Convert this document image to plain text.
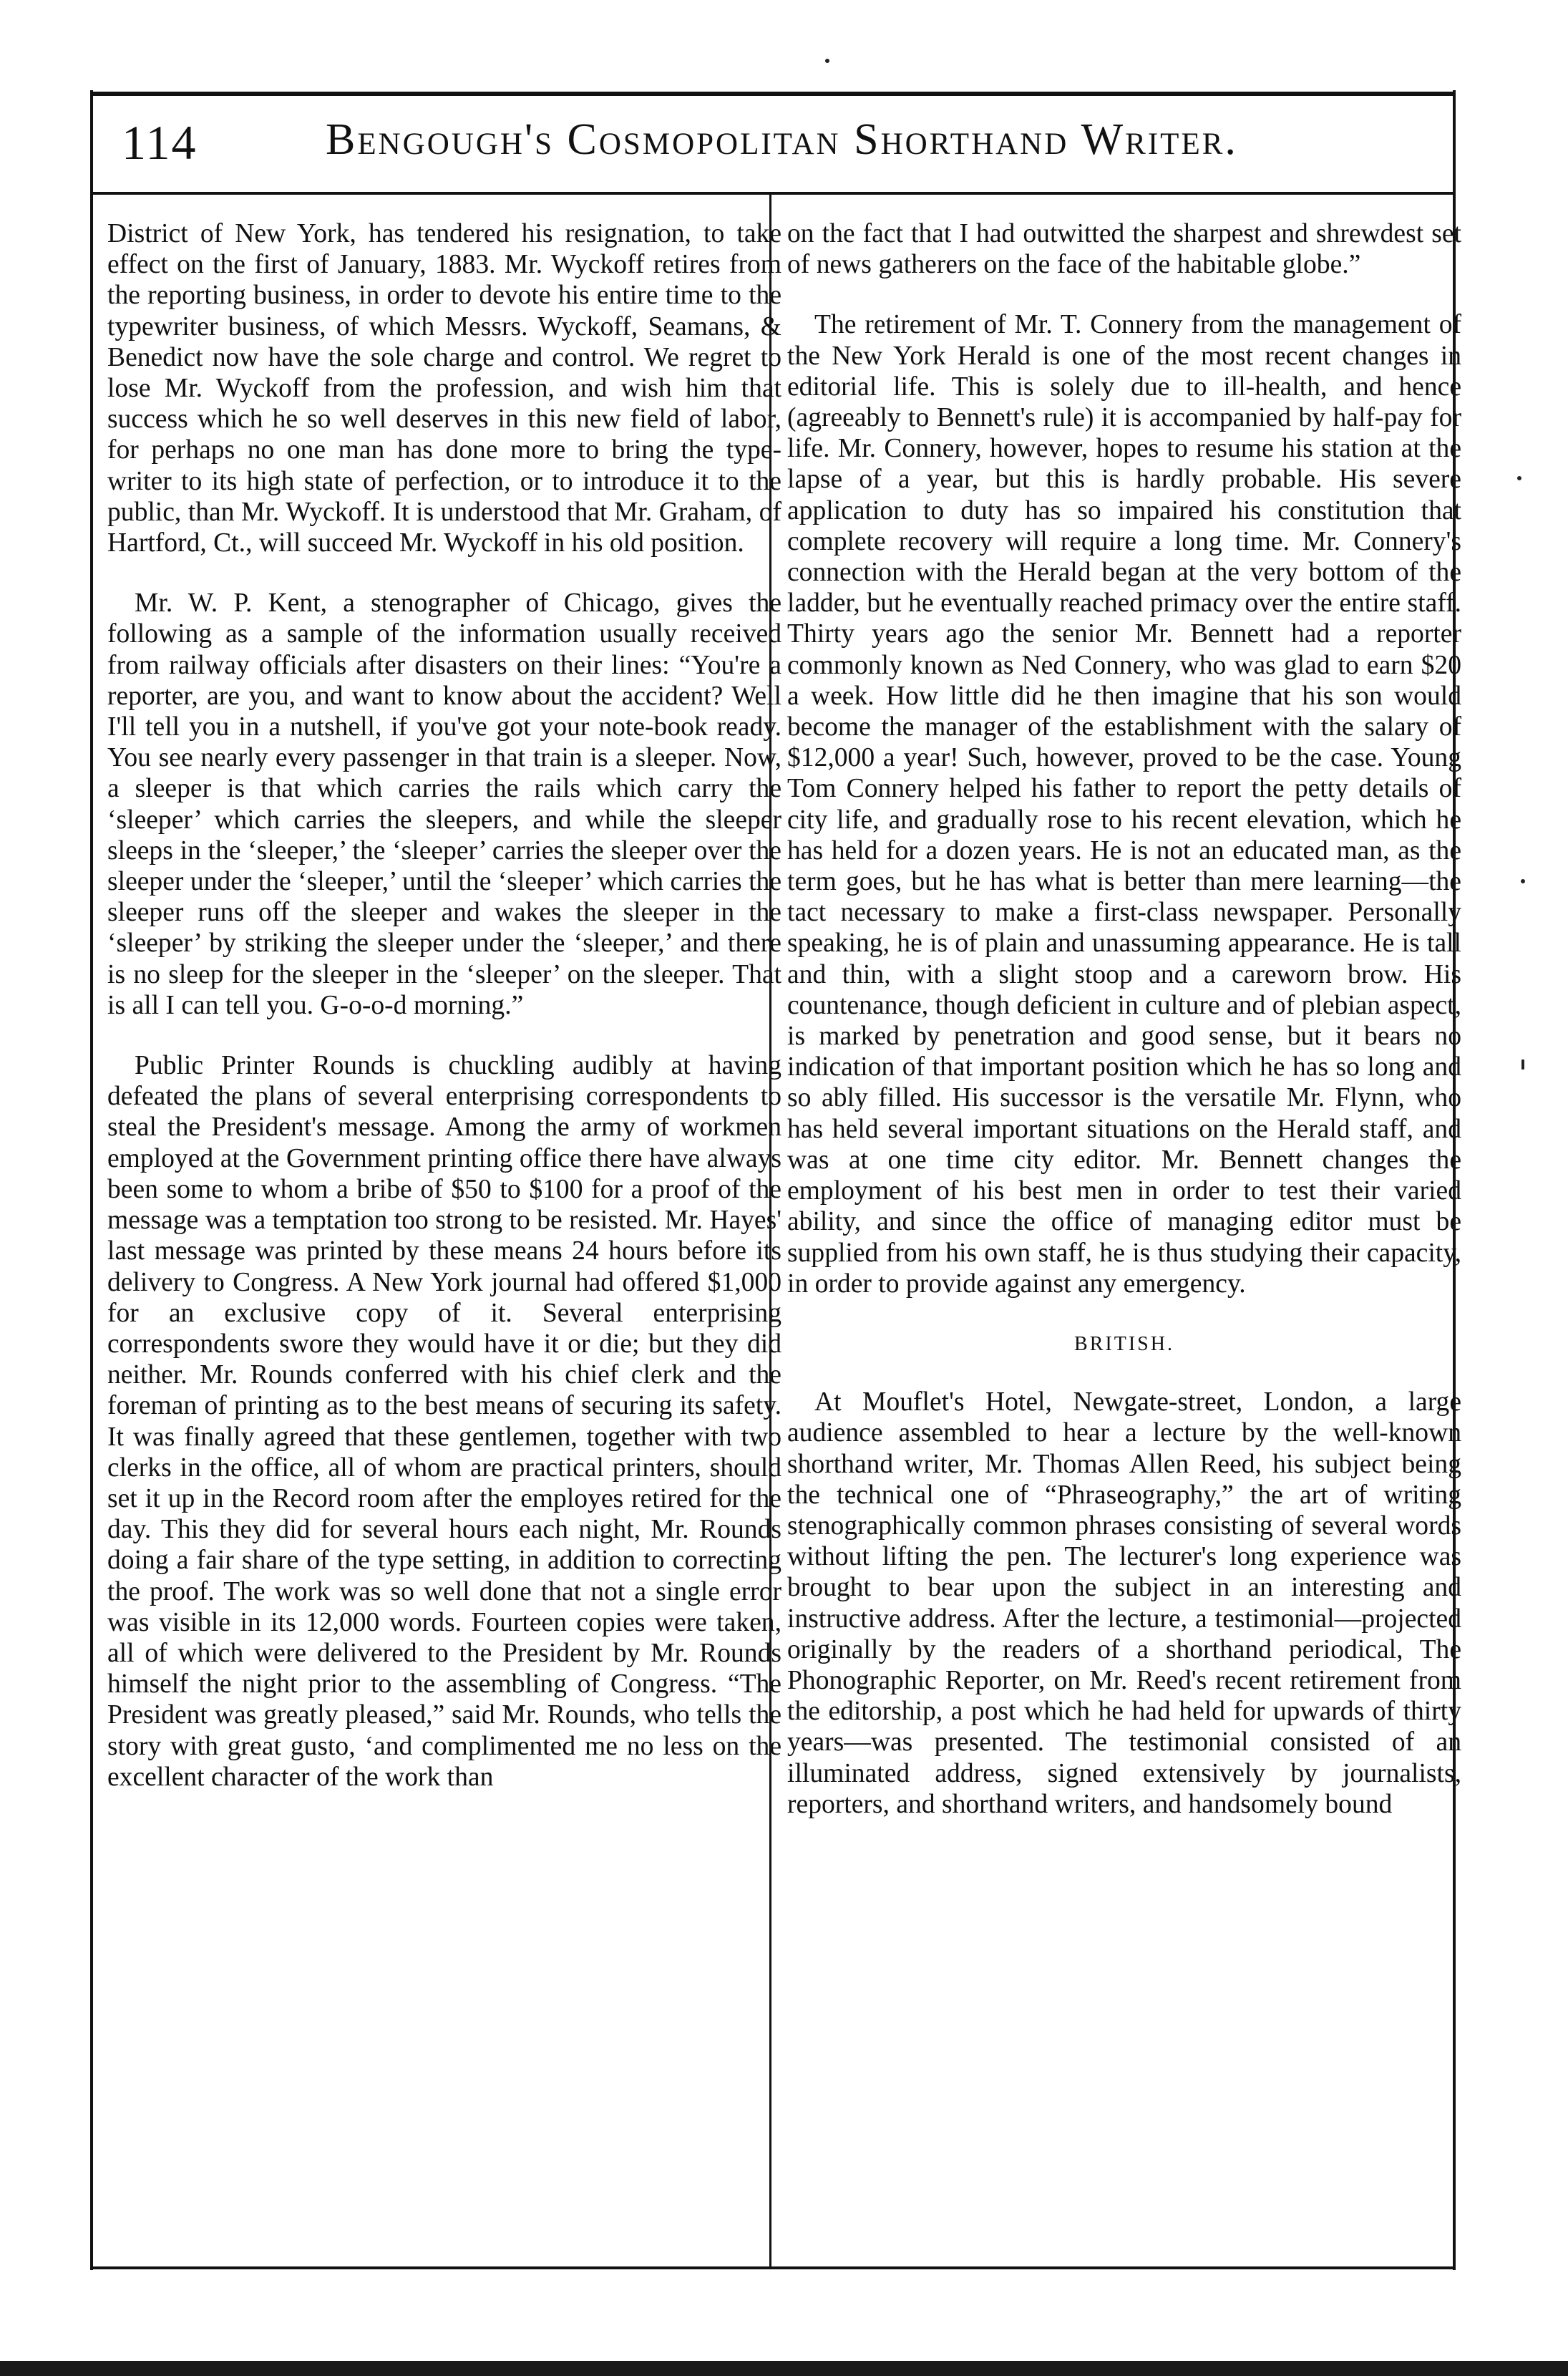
114	Bengough's Cosmopolitan Shorthand Writer.

District of New York, has tendered his resignation, to take effect on the first of January, 1883. Mr. Wyckoff retires from the reporting business, in order to devote his entire time to the typewriter business, of which Messrs. Wyckoff, Seamans, & Benedict now have the sole charge and control. We regret to lose Mr. Wyckoff from the profession, and wish him that success which he so well deserves in this new field of labor, for perhaps no one man has done more to bring the type-writer to its high state of perfection, or to introduce it to the public, than Mr. Wyckoff. It is understood that Mr. Graham, of Hartford, Ct., will succeed Mr. Wyckoff in his old position.

Mr. W. P. Kent, a stenographer of Chicago, gives the following as a sample of the information usually received from railway officials after disasters on their lines: “You're a reporter, are you, and want to know about the accident? Well I'll tell you in a nutshell, if you've got your note-book ready. You see nearly every passenger in that train is a sleeper. Now, a sleeper is that which carries the rails which carry the ‘sleeper’ which carries the sleepers, and while the sleeper sleeps in the ‘sleeper,’ the ‘sleeper’ carries the sleeper over the sleeper under the ‘sleeper,’ until the ‘sleeper’ which carries the sleeper runs off the sleeper and wakes the sleeper in the ‘sleeper’ by striking the sleeper under the ‘sleeper,’ and there is no sleep for the sleeper in the ‘sleeper’ on the sleeper. That is all I can tell you. G-o-o-d morning.”

Public Printer Rounds is chuckling audibly at having defeated the plans of several enterprising correspondents to steal the President's message. Among the army of workmen employed at the Government printing office there have always been some to whom a bribe of $50 to $100 for a proof of the message was a temptation too strong to be resisted. Mr. Hayes' last message was printed by these means 24 hours before its delivery to Congress. A New York journal had offered $1,000 for an exclusive copy of it. Several enterprising correspondents swore they would have it or die; but they did neither. Mr. Rounds conferred with his chief clerk and the foreman of printing as to the best means of securing its safety. It was finally agreed that these gentlemen, together with two clerks in the office, all of whom are practical printers, should set it up in the Record room after the employes retired for the day. This they did for several hours each night, Mr. Rounds doing a fair share of the type setting, in addition to correcting the proof. The work was so well done that not a single error was visible in its 12,000 words. Fourteen copies were taken, all of which were delivered to the President by Mr. Rounds himself the night prior to the assembling of Congress. “The President was greatly pleased,” said Mr. Rounds, who tells the story with great gusto, ‘and complimented me no less on the excellent character of the work than

on the fact that I had outwitted the sharpest and shrewdest set of news gatherers on the face of the habitable globe.”

The retirement of Mr. T. Connery from the management of the New York Herald is one of the most recent changes in editorial life. This is solely due to ill-health, and hence (agreeably to Bennett's rule) it is accompanied by half-pay for life. Mr. Connery, however, hopes to resume his station at the lapse of a year, but this is hardly probable. His severe application to duty has so impaired his constitution that complete recovery will require a long time. Mr. Connery's connection with the Herald began at the very bottom of the ladder, but he eventually reached primacy over the entire staff. Thirty years ago the senior Mr. Bennett had a reporter commonly known as Ned Connery, who was glad to earn $20 a week. How little did he then imagine that his son would become the manager of the establishment with the salary of $12,000 a year! Such, however, proved to be the case. Young Tom Connery helped his father to report the petty details of city life, and gradually rose to his recent elevation, which he has held for a dozen years. He is not an educated man, as the term goes, but he has what is better than mere learning—the tact necessary to make a first-class newspaper. Personally speaking, he is of plain and unassuming appearance. He is tall and thin, with a slight stoop and a careworn brow. His countenance, though deficient in culture and of plebian aspect, is marked by penetration and good sense, but it bears no indication of that important position which he has so long and so ably filled. His successor is the versatile Mr. Flynn, who has held several important situations on the Herald staff, and was at one time city editor. Mr. Bennett changes the employment of his best men in order to test their varied ability, and since the office of managing editor must be supplied from his own staff, he is thus studying their capacity, in order to provide against any emergency.

BRITISH.

At Mouflet's Hotel, Newgate-street, London, a large audience assembled to hear a lecture by the well-known shorthand writer, Mr. Thomas Allen Reed, his subject being the technical one of “Phraseography,” the art of writing stenographically common phrases consisting of several words without lifting the pen. The lecturer's long experience was brought to bear upon the subject in an interesting and instructive address. After the lecture, a testimonial—projected originally by the readers of a shorthand periodical, The Phonographic Reporter, on Mr. Reed's recent retirement from the editorship, a post which he had held for upwards of thirty years—was presented. The testimonial consisted of an illuminated address, signed extensively by journalists, reporters, and shorthand writers, and handsomely bound
